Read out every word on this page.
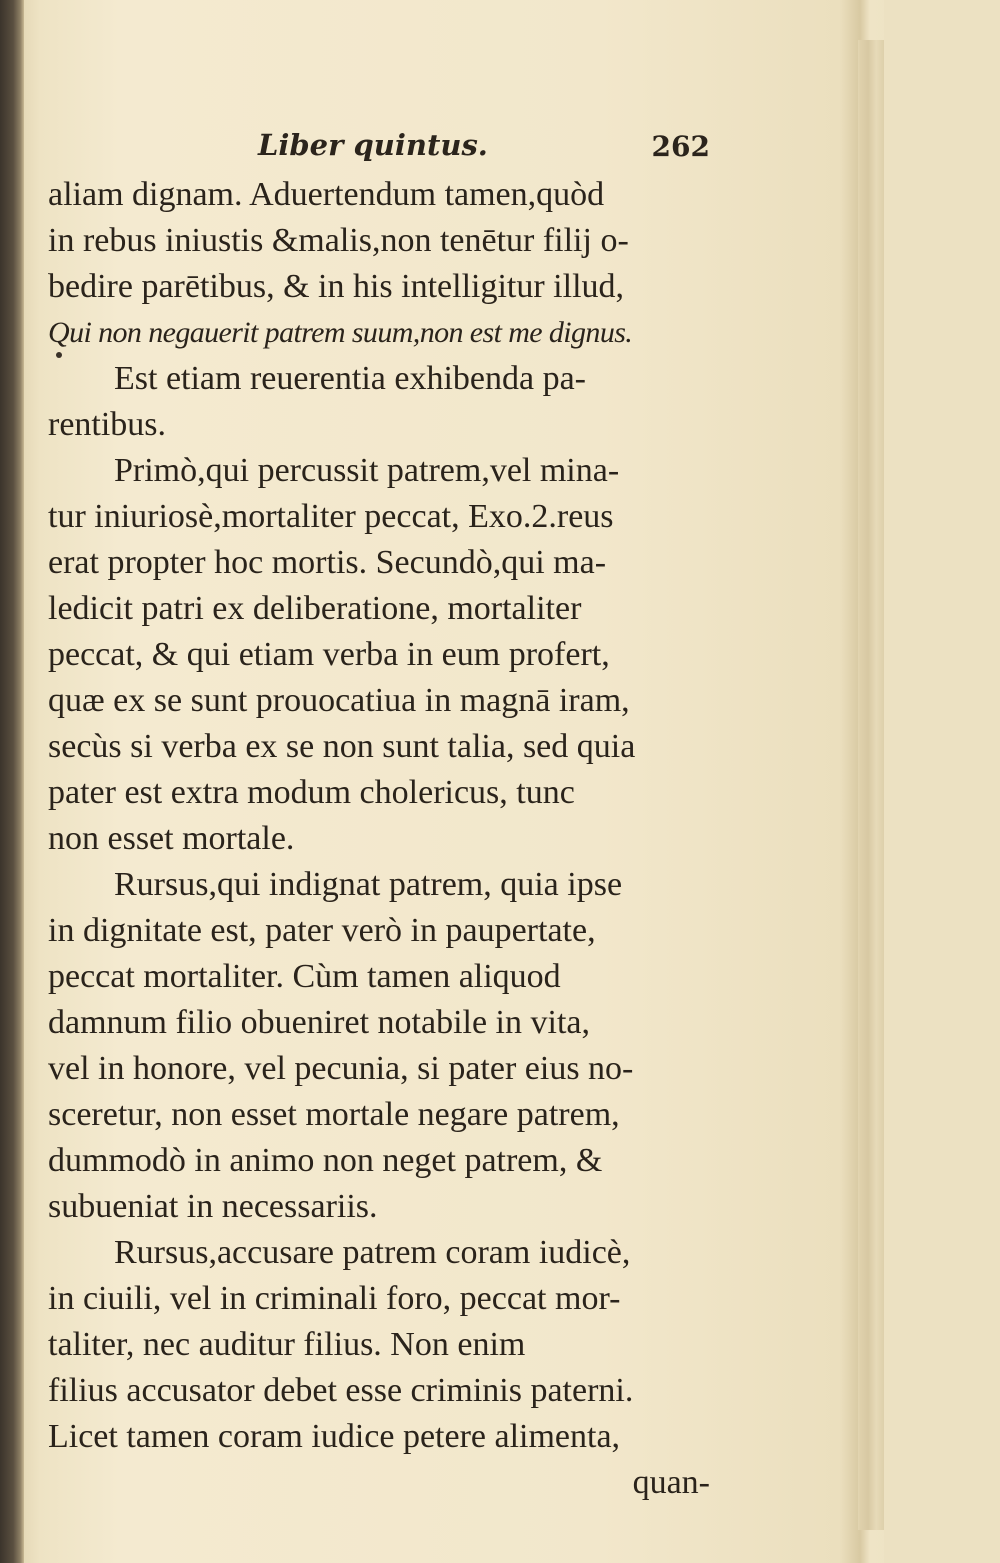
Liber quintus.	262
aliam dignam. Aduertendum tamen,quòd
in rebus iniustis &malis,non tenētur filij o-
bedire parētibus, & in his intelligitur illud,
Qui non negauerit patrem suum,non est me dignus.
Est etiam reuerentia exhibenda pa-
rentibus.
Primò,qui percussit patrem,vel mina-
tur iniuriosè,mortaliter peccat, Exo.2.reus
erat propter hoc mortis. Secundò,qui ma-
ledicit patri ex deliberatione, mortaliter
peccat, & qui etiam verba in eum profert,
quæ ex se sunt prouocatiua in magnā iram,
secùs si verba ex se non sunt talia, sed quia
pater est extra modum cholericus, tunc
non esset mortale.
Rursus,qui indignat patrem, quia ipse
in dignitate est, pater verò in paupertate,
peccat mortaliter. Cùm tamen aliquod
damnum filio obueniret notabile in vita,
vel in honore, vel pecunia, si pater eius no-
sceretur, non esset mortale negare patrem,
dummodò in animo non neget patrem, &
subueniat in necessariis.
Rursus,accusare patrem coram iudicè,
in ciuili, vel in criminali foro, peccat mor-
taliter, nec auditur filius. Non enim
filius accusator debet esse criminis paterni.
Licet tamen coram iudice petere alimenta,
quan-
